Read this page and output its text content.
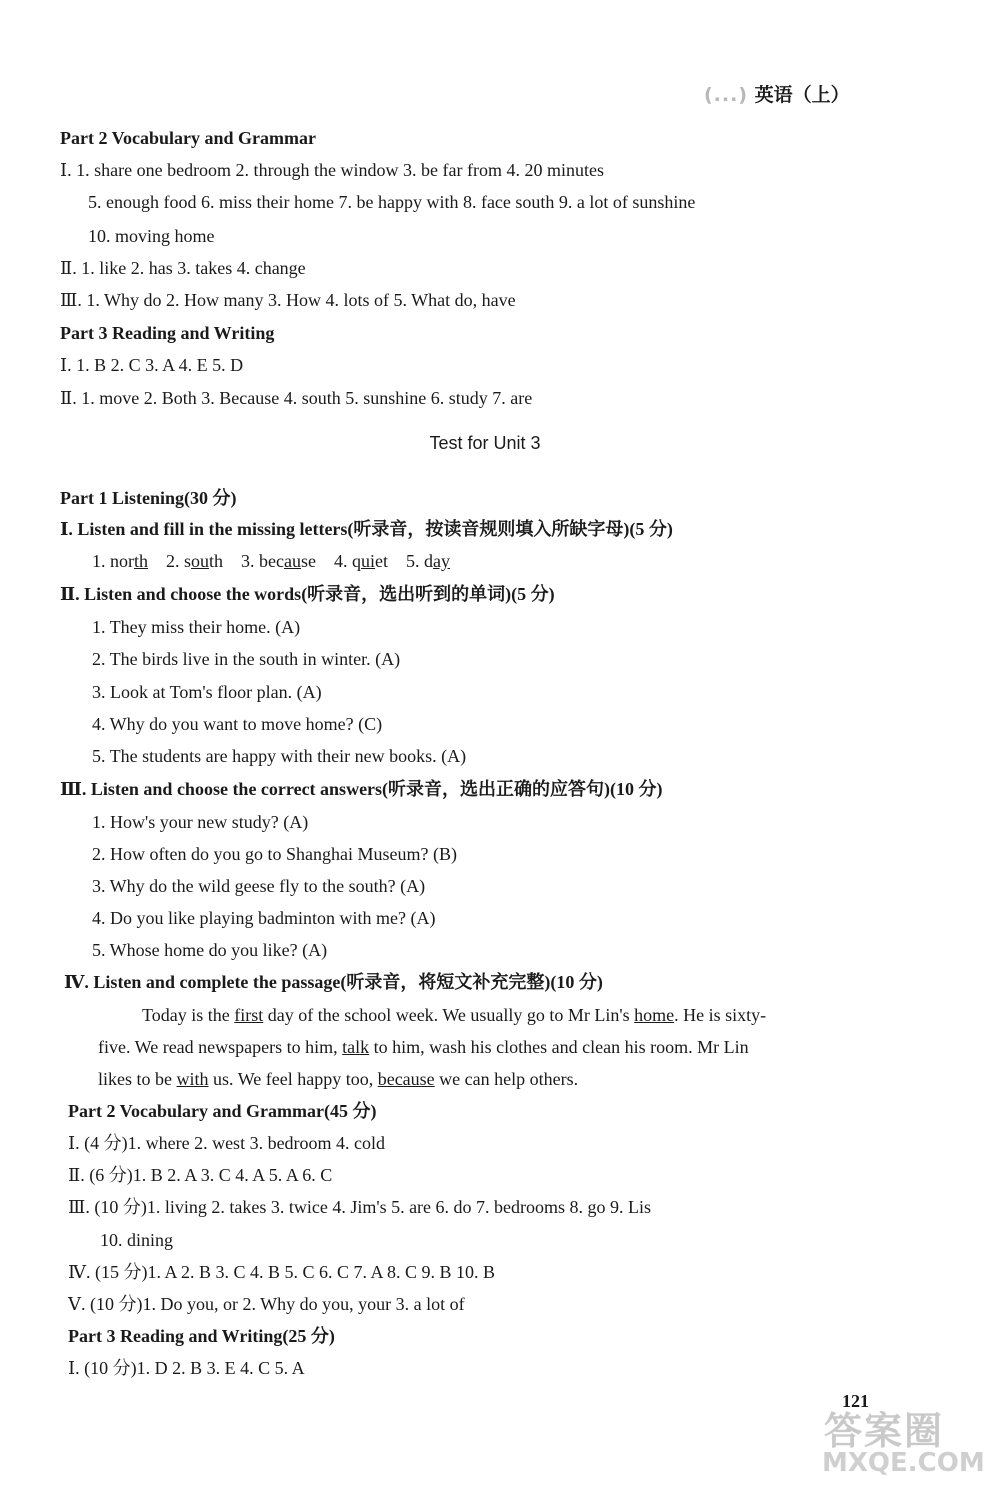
(...) 英语（上）
Part 2 Vocabulary and Grammar
Ⅰ. 1. share one bedroom 2. through the window 3. be far from 4. 20 minutes
5. enough food 6. miss their home 7. be happy with 8. face south 9. a lot of sunshine
10. moving home
Ⅱ. 1. like 2. has 3. takes 4. change
Ⅲ. 1. Why do 2. How many 3. How 4. lots of 5. What do, have
Part 3 Reading and Writing
Ⅰ. 1. B 2. C 3. A 4. E 5. D
Ⅱ. 1. move 2. Both 3. Because 4. south 5. sunshine 6. study 7. are
Test for Unit 3
Part 1 Listening(30 分)
Ⅰ. Listen and fill in the missing letters(听录音，按读音规则填入所缺字母)(5 分)
1. north 2. south 3. because 4. quiet 5. day
Ⅱ. Listen and choose the words(听录音，选出听到的单词)(5 分)
1. They miss their home. (A)
2. The birds live in the south in winter. (A)
3. Look at Tom's floor plan. (A)
4. Why do you want to move home? (C)
5. The students are happy with their new books. (A)
Ⅲ. Listen and choose the correct answers(听录音，选出正确的应答句)(10 分)
1. How's your new study? (A)
2. How often do you go to Shanghai Museum? (B)
3. Why do the wild geese fly to the south? (A)
4. Do you like playing badminton with me? (A)
5. Whose home do you like? (A)
Ⅳ. Listen and complete the passage(听录音，将短文补充完整)(10 分)
Today is the first day of the school week. We usually go to Mr Lin's home. He is sixty-
five. We read newspapers to him, talk to him, wash his clothes and clean his room. Mr Lin
likes to be with us. We feel happy too, because we can help others.
Part 2 Vocabulary and Grammar(45 分)
Ⅰ. (4 分)1. where 2. west 3. bedroom 4. cold
Ⅱ. (6 分)1. B 2. A 3. C 4. A 5. A 6. C
Ⅲ. (10 分)1. living 2. takes 3. twice 4. Jim's 5. are 6. do 7. bedrooms 8. go 9. Lis
10. dining
Ⅳ. (15 分)1. A 2. B 3. C 4. B 5. C 6. C 7. A 8. C 9. B 10. B
Ⅴ. (10 分)1. Do you, or 2. Why do you, your 3. a lot of
Part 3 Reading and Writing(25 分)
Ⅰ. (10 分)1. D 2. B 3. E 4. C 5. A
121
答案圈
MXQE.COM
